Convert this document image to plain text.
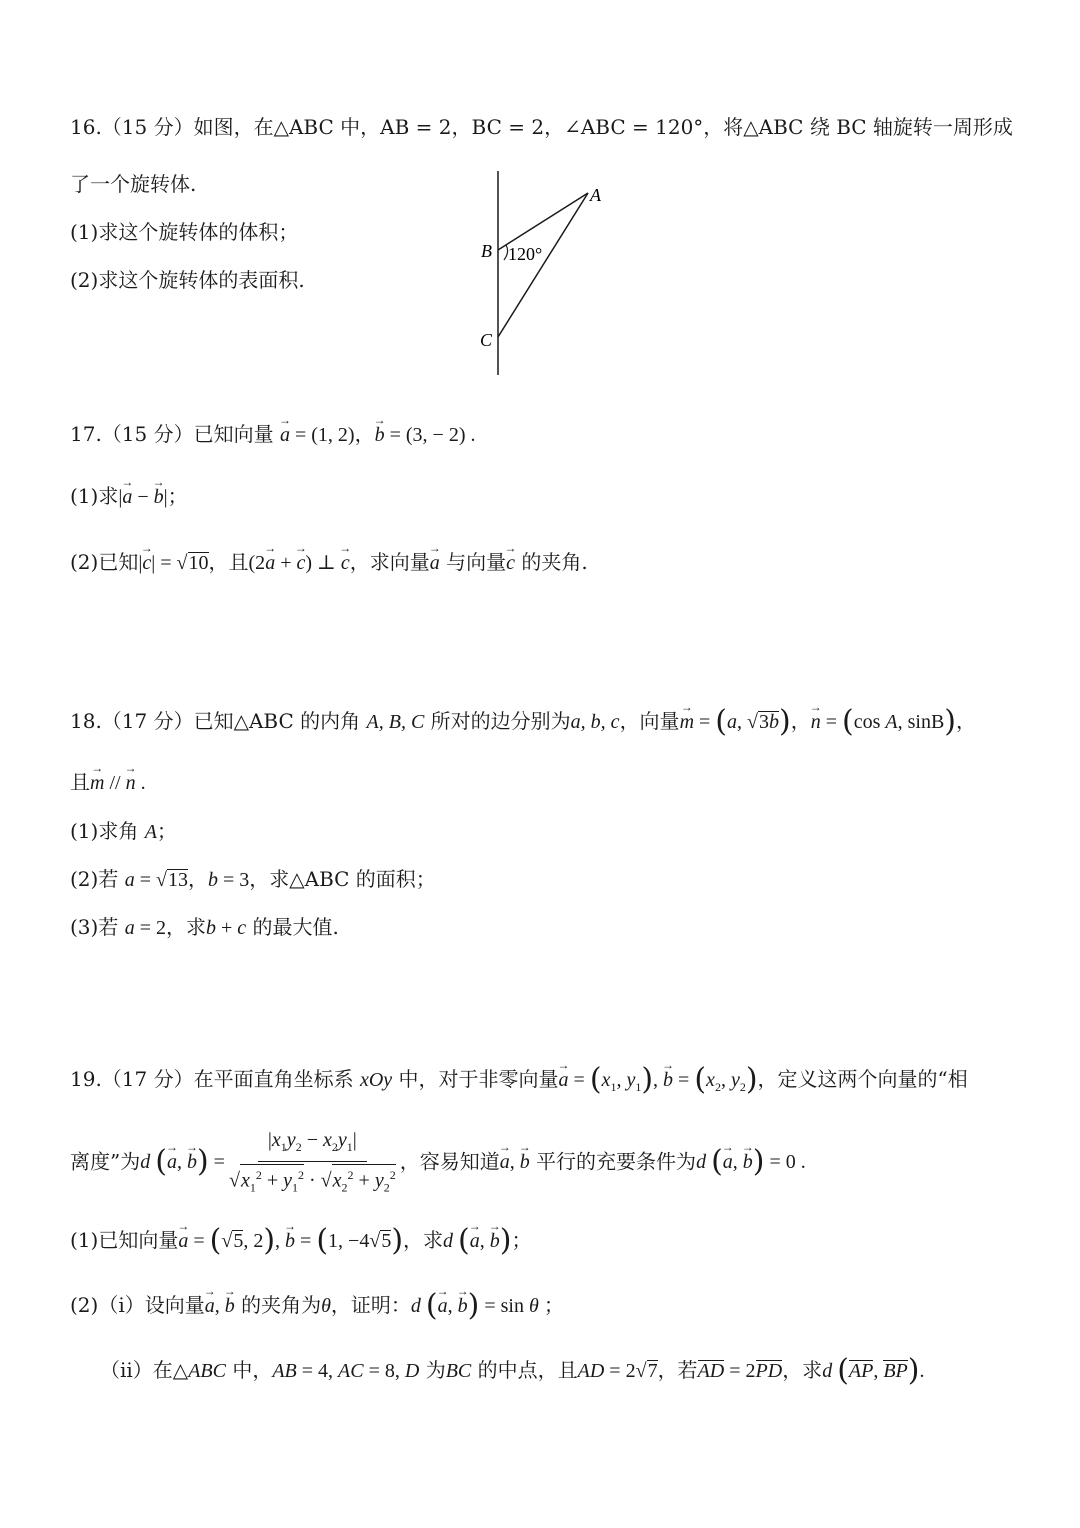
16.（15 分）如图，在△ABC 中，AB = 2，BC = 2，∠ABC = 120°，将△ABC 绕 BC 轴旋转一周形成
了一个旋转体.
(1)求这个旋转体的体积；
(2)求这个旋转体的表面积.
A
B
C
120°
17.（15 分）已知向量 → a = (1, 2)，→ b = (3, − 2) .
(1)求|→ a − → b|；
(2)已知|→ c| = √10，且(2→ a + → c) ⊥ → c，求向量→ a 与向量→ c 的夹角.
18.（17 分）已知△ABC 的内角 A, B, C 所对的边分别为a, b, c，向量→ m = (a, √3b)，→ n = (cos A, sinB)，
且→ m // → n .
(1)求角 A；
(2)若 a = √13，b = 3，求△ABC 的面积；
(3)若 a = 2，求b + c 的最大值.
19.（17 分）在平面直角坐标系 xOy 中，对于非零向量→ $a = (x_1$, $y_1$), → $b = (x_2$, $y_2$)，定义这两个向量的“相
离度”为d (→ a, → $b) = \frac{|x_1y_2 - x_2y_1|}{√x_1^2 + y_1^2 \cdot √x_2^2 + y_2^2}$ ，容易知道→ a, → b 平行的充要条件为d (→ a, → b) = 0 .
(1)已知向量→ a = (√5, 2), → b = (1, −4√5)，求d (→ a, → b)；
(2)（i）设向量→ a, → b 的夹角为θ，证明：d (→ a, → b) = sin θ ；
（ii）在△ABC 中，AB = 4, AC = 8, D 为BC 的中点，且AD = 2√7，若AD = 2PD，求d (AP, BP).
